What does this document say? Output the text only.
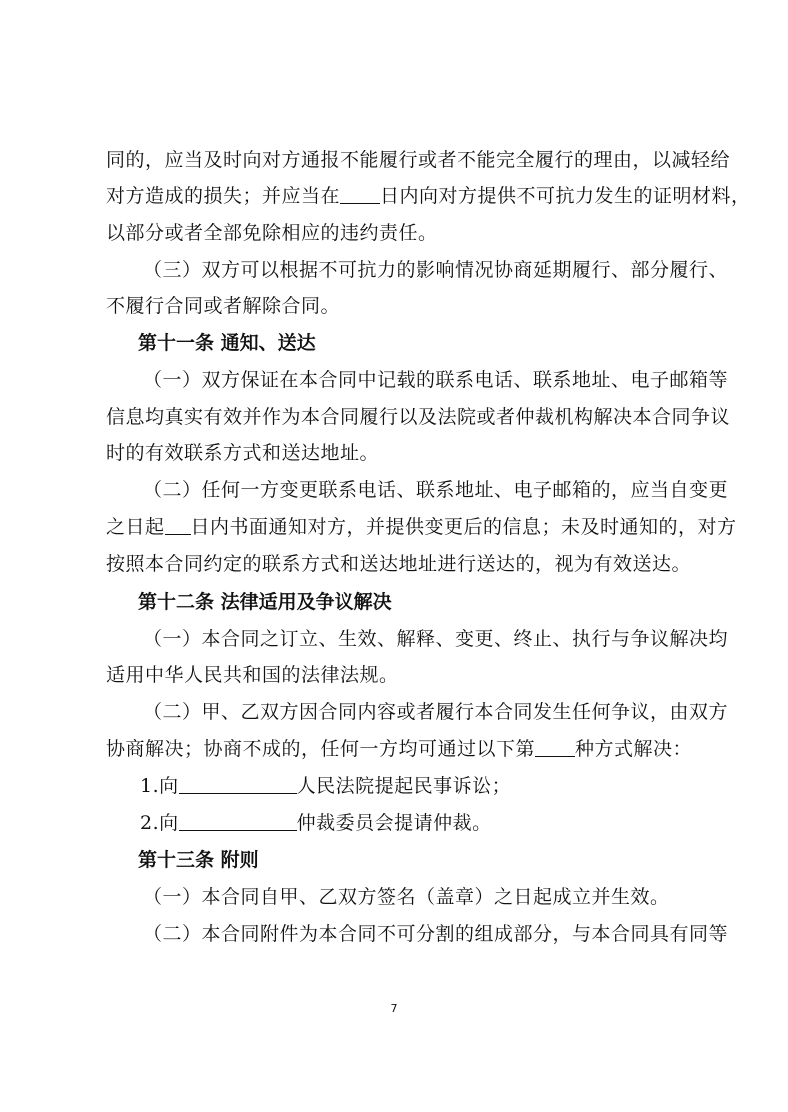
同的，应当及时向对方通报不能履行或者不能完全履行的理由，以减轻给
对方造成的损失；并应当在 日内向对方提供不可抗力发生的证明材料，
以部分或者全部免除相应的违约责任。
（三）双方可以根据不可抗力的影响情况协商延期履行、部分履行、
不履行合同或者解除合同。
第十一条 通知、送达
（一）双方保证在本合同中记载的联系电话、联系地址、电子邮箱等
信息均真实有效并作为本合同履行以及法院或者仲裁机构解决本合同争议
时的有效联系方式和送达地址。
（二）任何一方变更联系电话、联系地址、电子邮箱的，应当自变更
之日起 日内书面通知对方，并提供变更后的信息；未及时通知的，对方
按照本合同约定的联系方式和送达地址进行送达的，视为有效送达。
第十二条 法律适用及争议解决
（一）本合同之订立、生效、解释、变更、终止、执行与争议解决均
适用中华人民共和国的法律法规。
（二）甲、乙双方因合同内容或者履行本合同发生任何争议，由双方
协商解决；协商不成的，任何一方均可通过以下第 种方式解决：
1.向	人民法院提起民事诉讼；
2.向	仲裁委员会提请仲裁。
第十三条 附则
（一）本合同自甲、乙双方签名（盖章）之日起成立并生效。
（二）本合同附件为本合同不可分割的组成部分，与本合同具有同等
7
